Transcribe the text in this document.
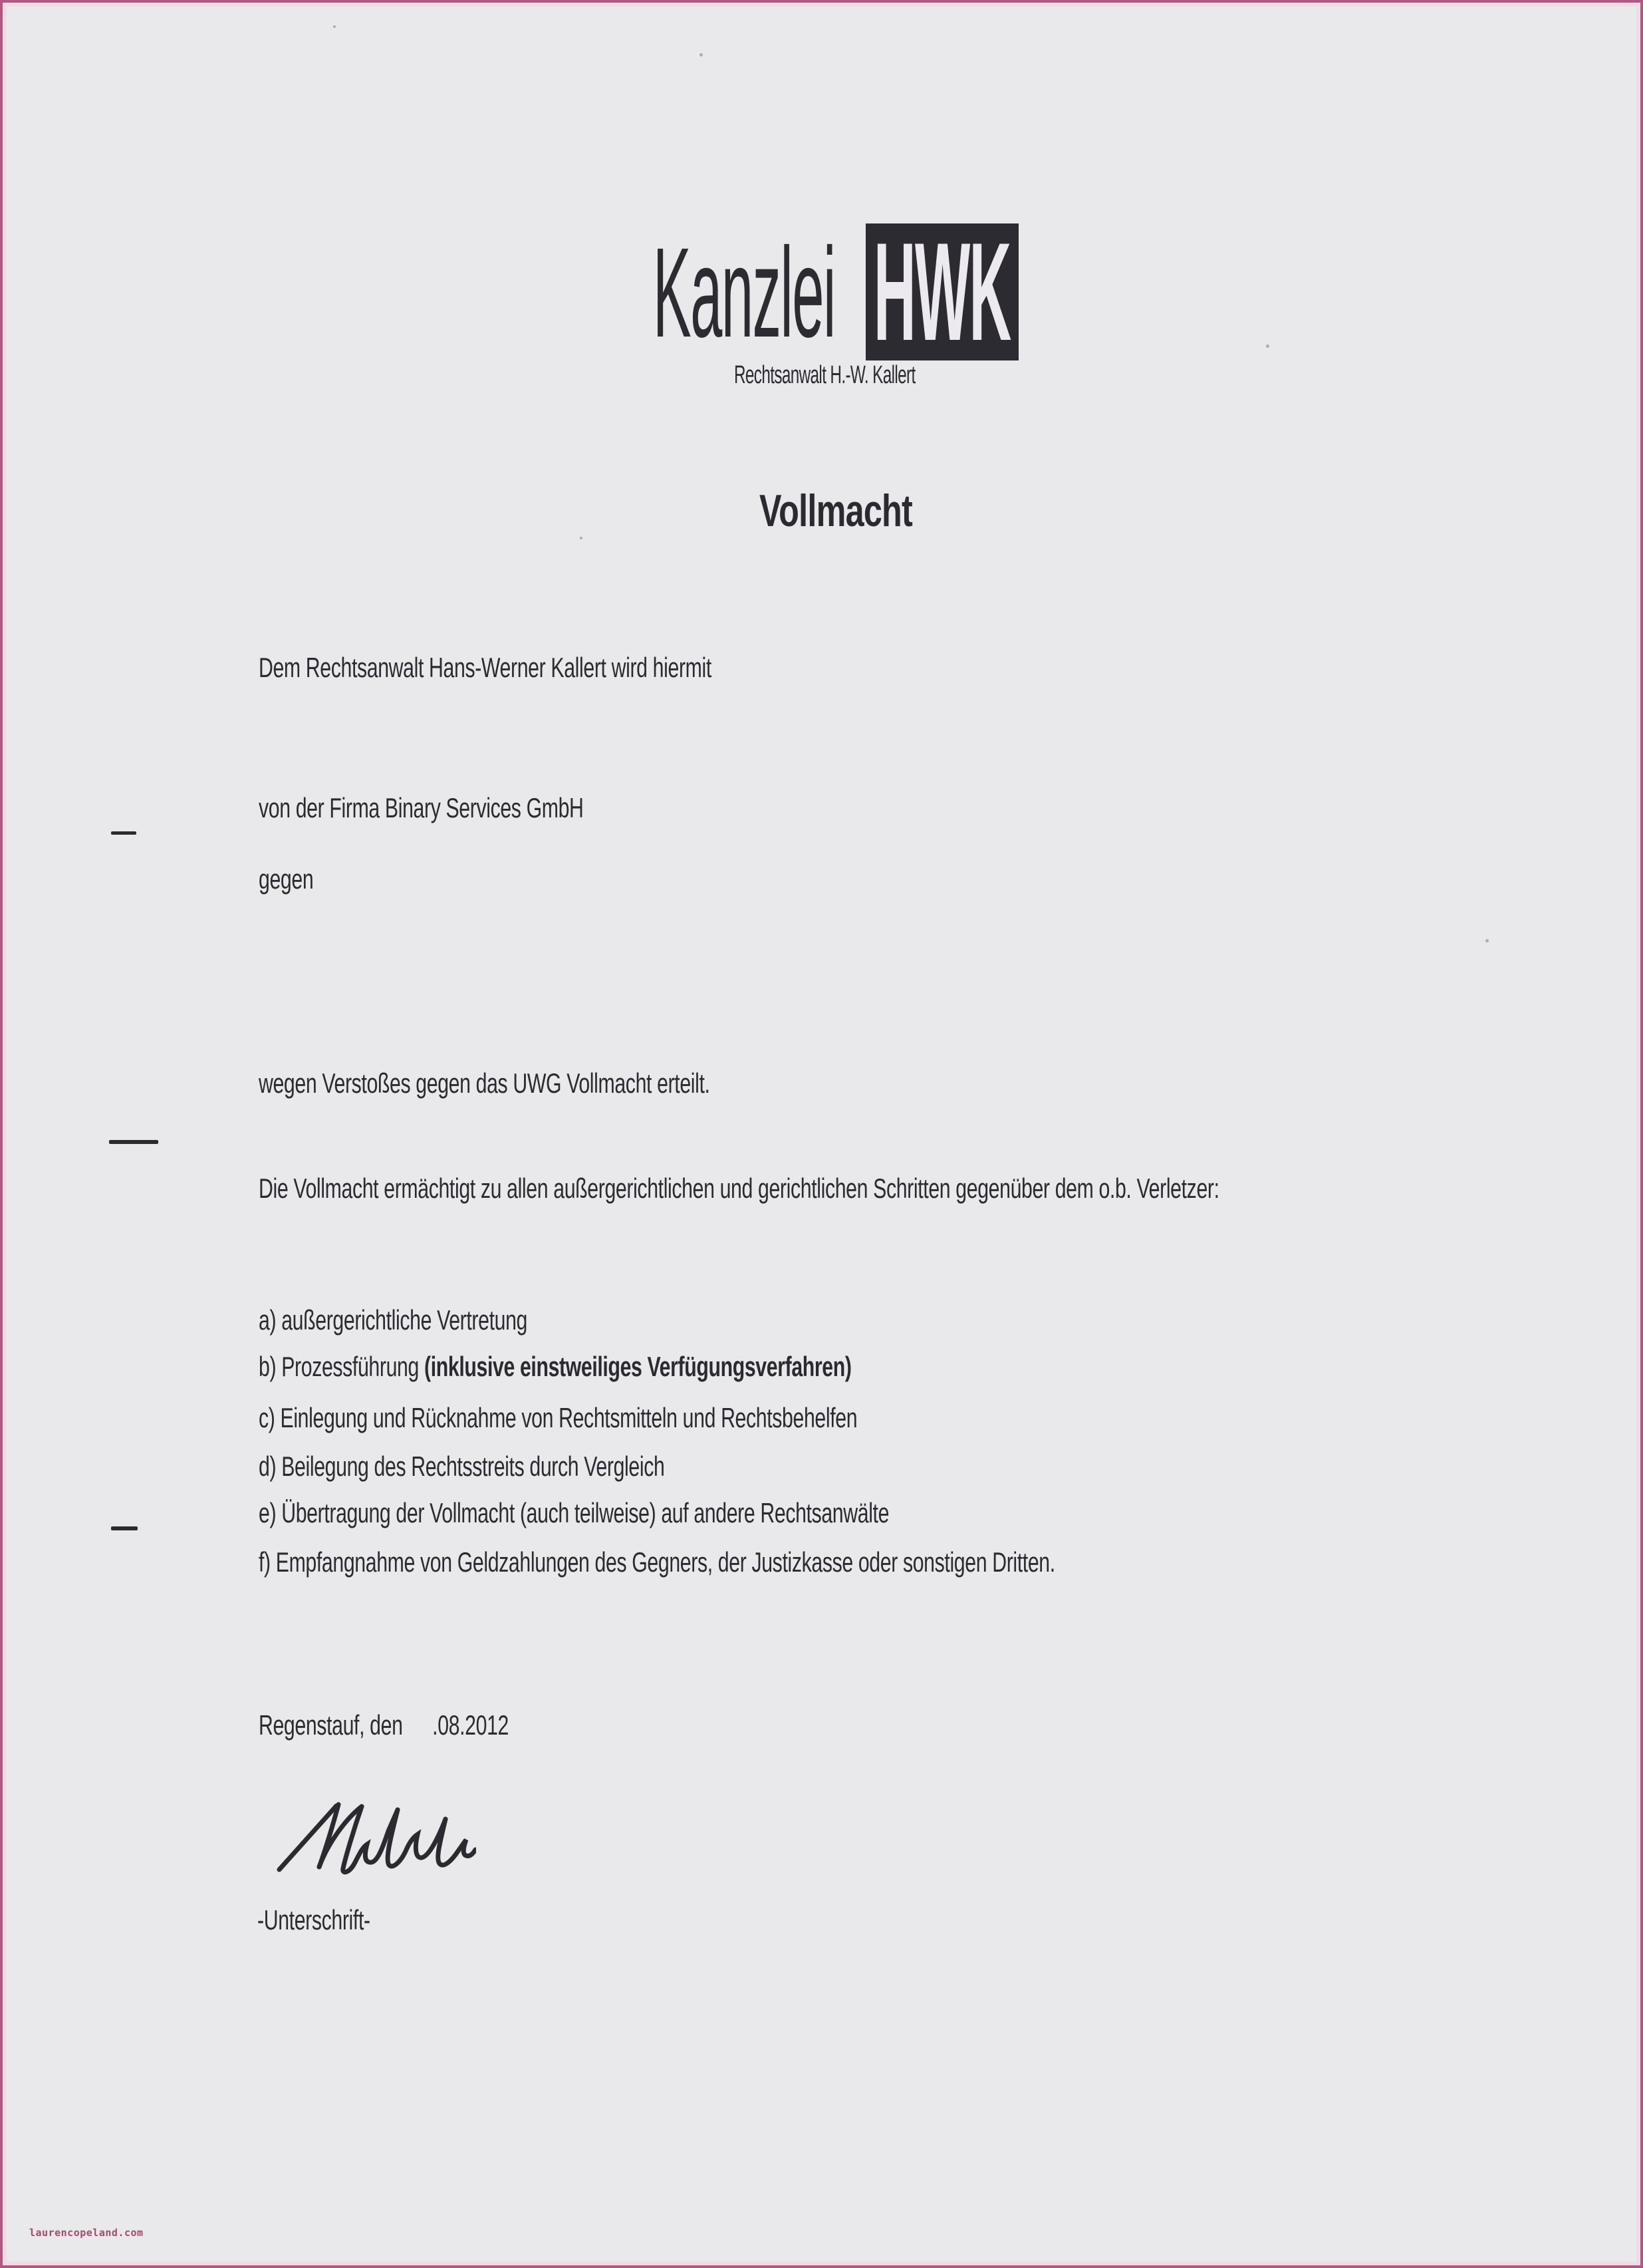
Kanzlei HWK
Rechtsanwalt H.-W. Kallert
Vollmacht
Dem Rechtsanwalt Hans-Werner Kallert wird hiermit
von der Firma Binary Services GmbH
gegen
wegen Verstoßes gegen das UWG Vollmacht erteilt.
Die Vollmacht ermächtigt zu allen außergerichtlichen und gerichtlichen Schritten gegenüber dem o.b. Verletzer:
a) außergerichtliche Vertretung
b) Prozessführung (inklusive einstweiliges Verfügungsverfahren)
c) Einlegung und Rücknahme von Rechtsmitteln und Rechtsbehelfen
d) Beilegung des Rechtsstreits durch Vergleich
e) Übertragung der Vollmacht (auch teilweise) auf andere Rechtsanwälte
f) Empfangnahme von Geldzahlungen des Gegners, der Justizkasse oder sonstigen Dritten.
Regenstauf, den .08.2012
-Unterschrift-
laurencopeland.com
